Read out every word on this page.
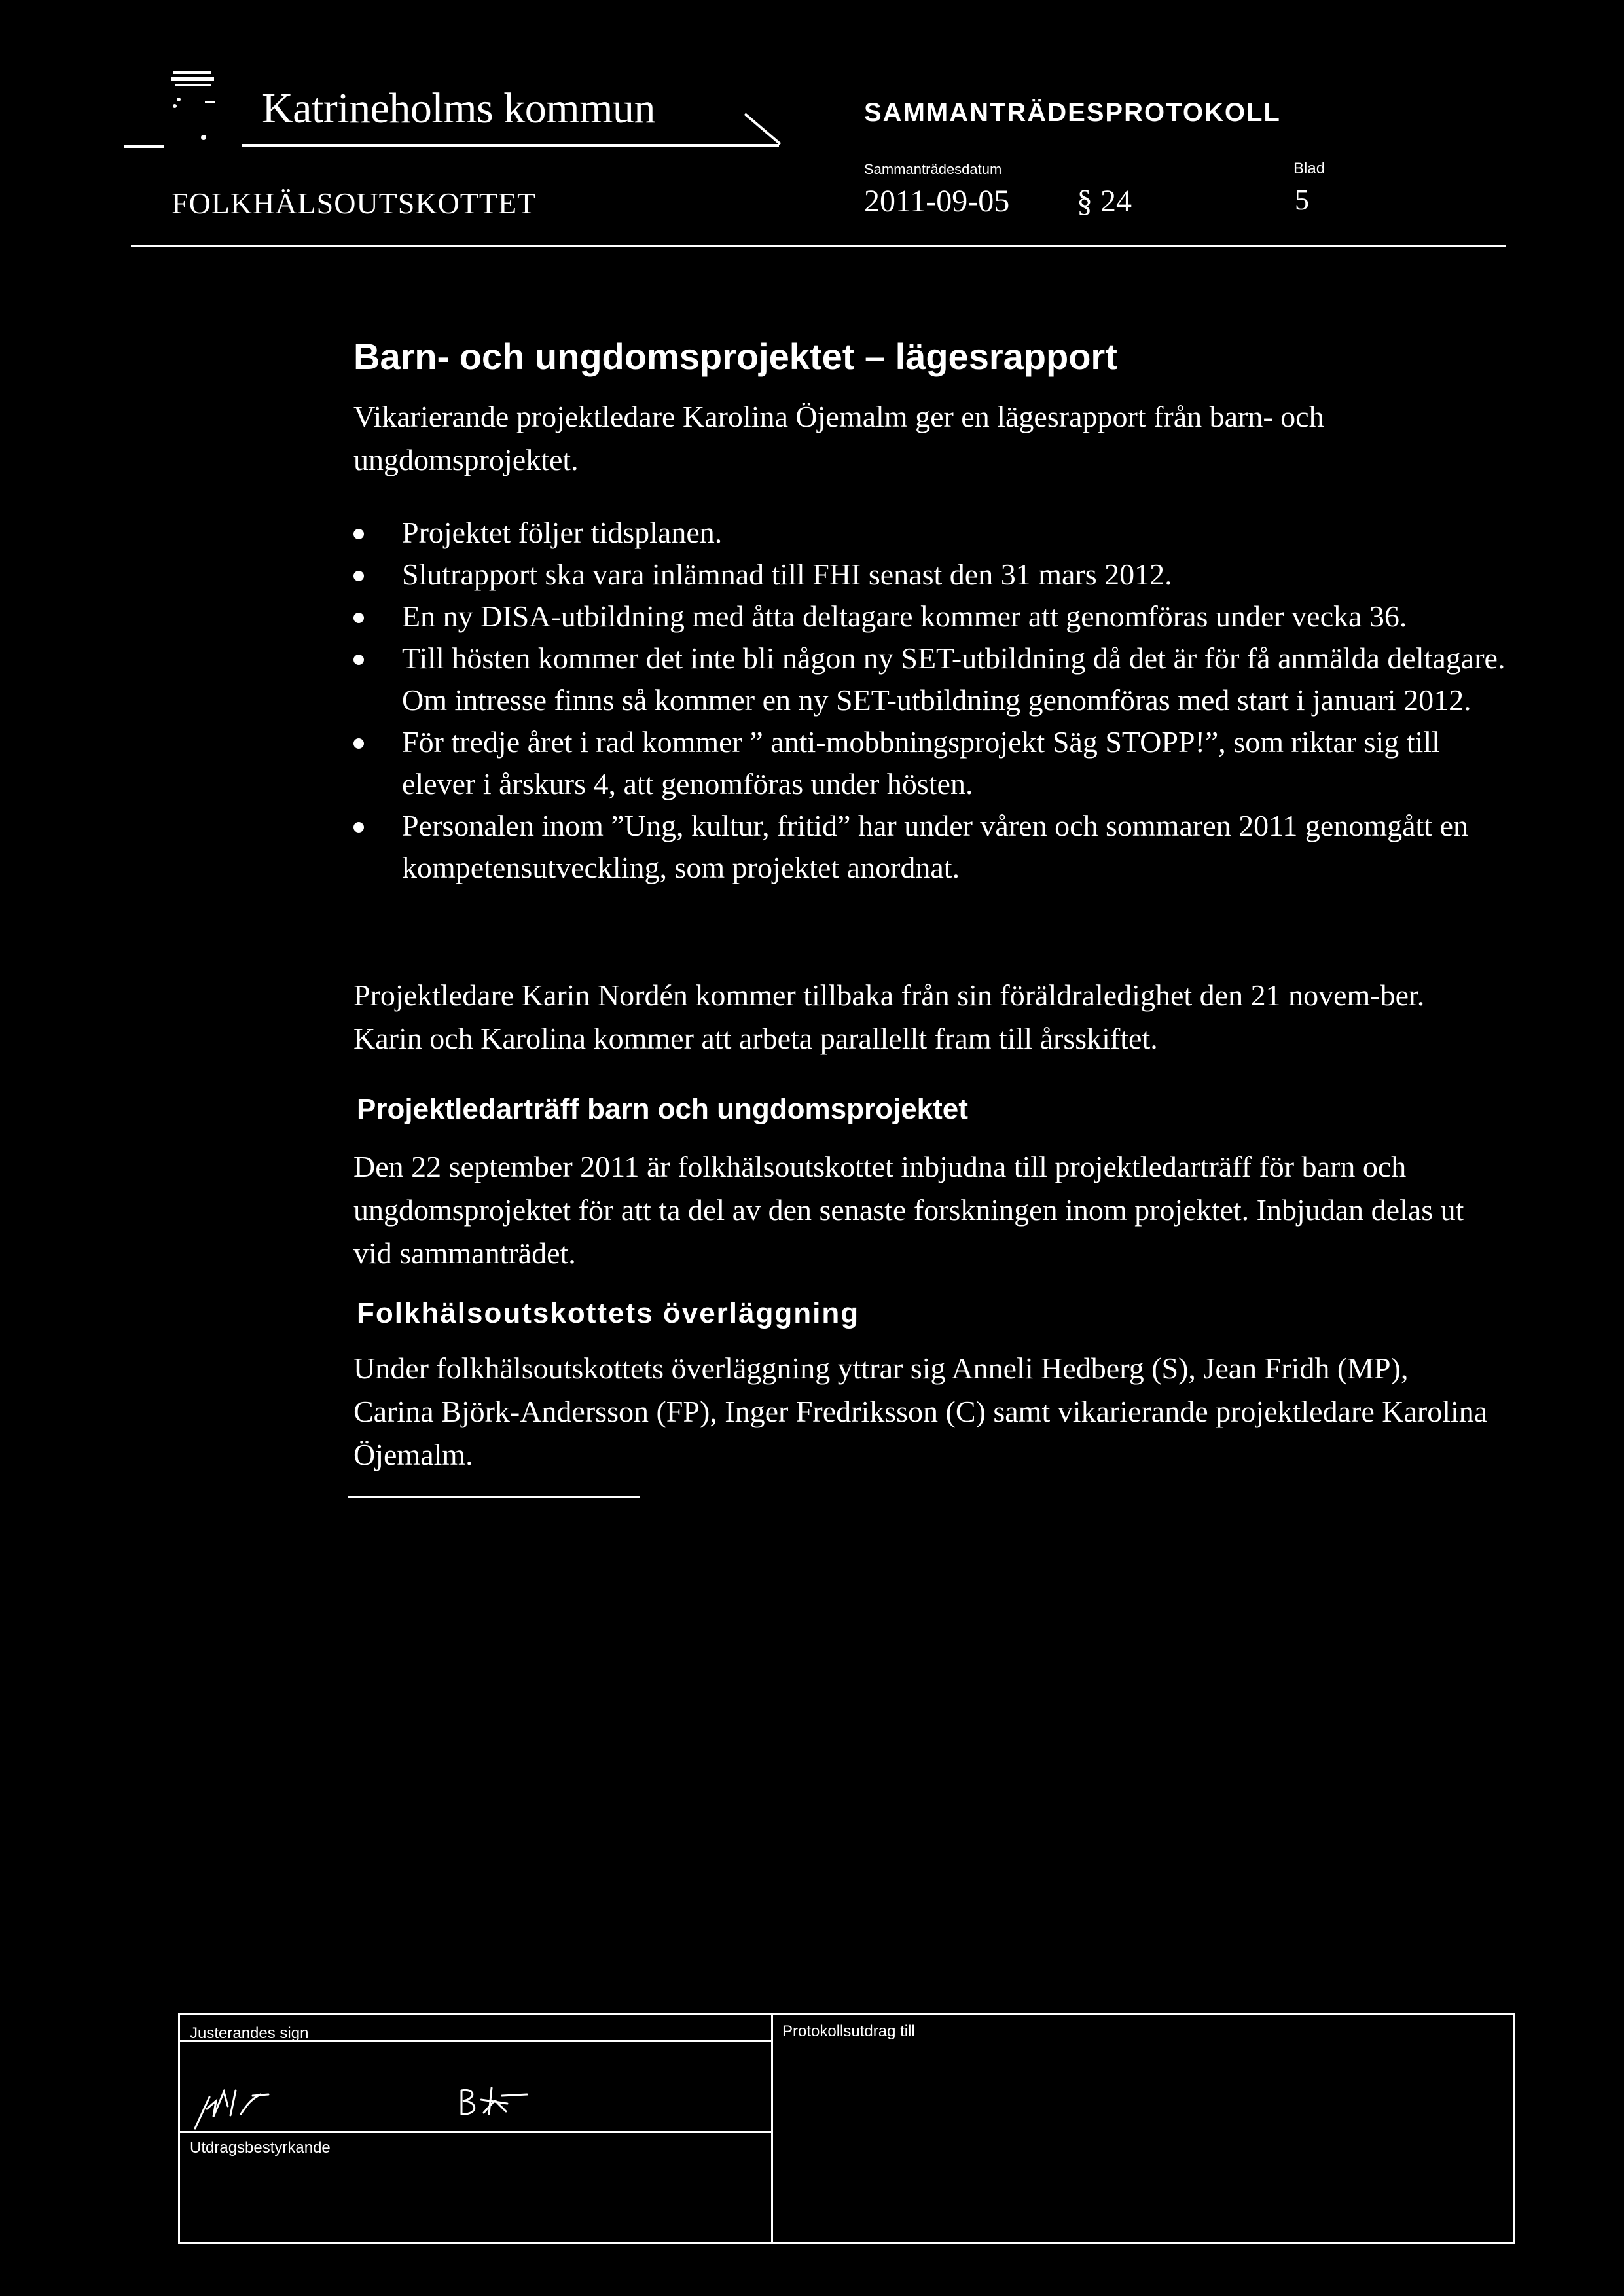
Katrineholms kommun	SAMMANTRÄDESPROTOKOLL
Sammanträdesdatum	Blad
FOLKHÄLSOUTSKOTTET	2011-09-05 § 24	5
Barn- och ungdomsprojektet – lägesrapport
Vikarierande projektledare Karolina Öjemalm ger en lägesrapport från barn- och ungdomsprojektet.
Projektet följer tidsplanen.
Slutrapport ska vara inlämnad till FHI senast den 31 mars 2012.
En ny DISA-utbildning med åtta deltagare kommer att genomföras under vecka 36.
Till hösten kommer det inte bli någon ny SET-utbildning då det är för få anmälda deltagare. Om intresse finns så kommer en ny SET-utbildning genomföras med start i januari 2012.
För tredje året i rad kommer ” anti-mobbningsprojekt Säg STOPP!”, som riktar sig till elever i årskurs 4, att genomföras under hösten.
Personalen inom ”Ung, kultur, fritid” har under våren och sommaren 2011 genomgått en kompetensutveckling, som projektet anordnat.
Projektledare Karin Nordén kommer tillbaka från sin föräldraledighet den 21 novem-ber. Karin och Karolina kommer att arbeta parallellt fram till årsskiftet.
Projektledarträff barn och ungdomsprojektet
Den 22 september 2011 är folkhälsoutskottet inbjudna till projektledarträff för barn och ungdomsprojektet för att ta del av den senaste forskningen inom projektet. Inbjudan delas ut vid sammanträdet.
Folkhälsoutskottets överläggning
Under folkhälsoutskottets överläggning yttrar sig Anneli Hedberg (S), Jean Fridh (MP), Carina Björk-Andersson (FP), Inger Fredriksson (C) samt vikarierande projektledare Karolina Öjemalm.
Justerandes sign	Protokollsutdrag till
Utdragsbestyrkande
